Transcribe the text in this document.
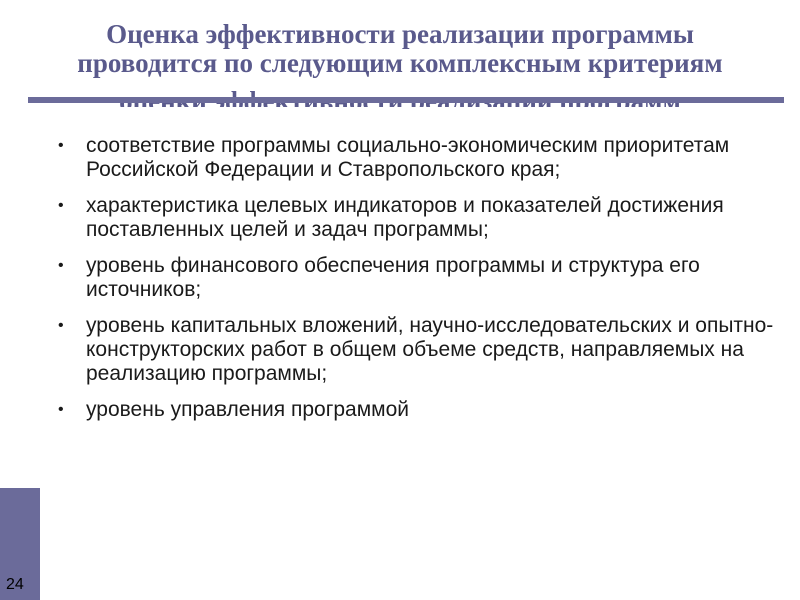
Оценка эффективности реализации программы
проводится по следующим комплексным критериям
• соответствие программы социально-экономическим приоритетам Российской Федерации и Ставропольского края;
• характеристика целевых индикаторов и показателей достижения поставленных целей и задач программы;
• уровень финансового обеспечения программы и структура его источников;
• уровень капитальных вложений, научно-исследовательских и опытно-конструкторских работ в общем объеме средств, направляемых на реализацию программы;
• уровень управления программой
24
